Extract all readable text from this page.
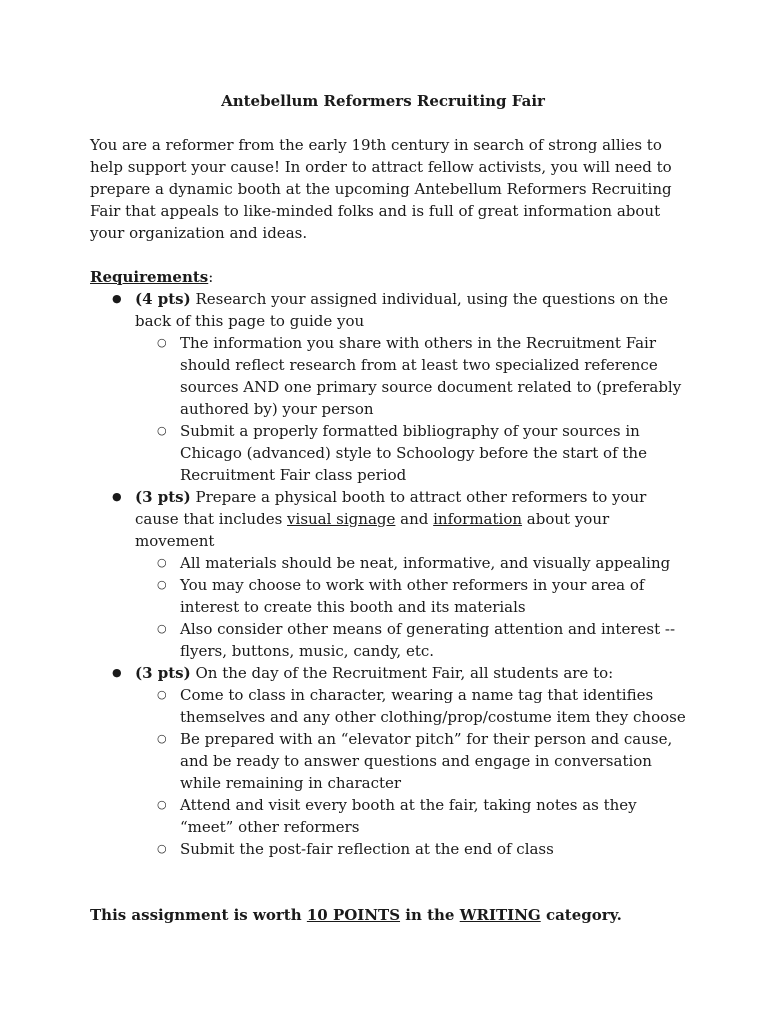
Antebellum Reformers Recruiting Fair

You are a reformer from the early 19th century in search of strong allies to help support your cause! In order to attract fellow activists, you will need to prepare a dynamic booth at the upcoming Antebellum Reformers Recruiting Fair that appeals to like-minded folks and is full of great information about your organization and ideas.

Requirements:

● (4 pts) Research your assigned individual, using the questions on the back of this page to guide you
○ The information you share with others in the Recruitment Fair should reflect research from at least two specialized reference sources AND one primary source document related to (preferably authored by) your person
○ Submit a properly formatted bibliography of your sources in Chicago (advanced) style to Schoology before the start of the Recruitment Fair class period
● (3 pts) Prepare a physical booth to attract other reformers to your cause that includes visual signage and information about your movement
○ All materials should be neat, informative, and visually appealing
○ You may choose to work with other reformers in your area of interest to create this booth and its materials
○ Also consider other means of generating attention and interest -- flyers, buttons, music, candy, etc.
● (3 pts) On the day of the Recruitment Fair, all students are to:
○ Come to class in character, wearing a name tag that identifies themselves and any other clothing/prop/costume item they choose
○ Be prepared with an “elevator pitch” for their person and cause, and be ready to answer questions and engage in conversation while remaining in character
○ Attend and visit every booth at the fair, taking notes as they “meet” other reformers
○ Submit the post-fair reflection at the end of class

This assignment is worth 10 POINTS in the WRITING category.
